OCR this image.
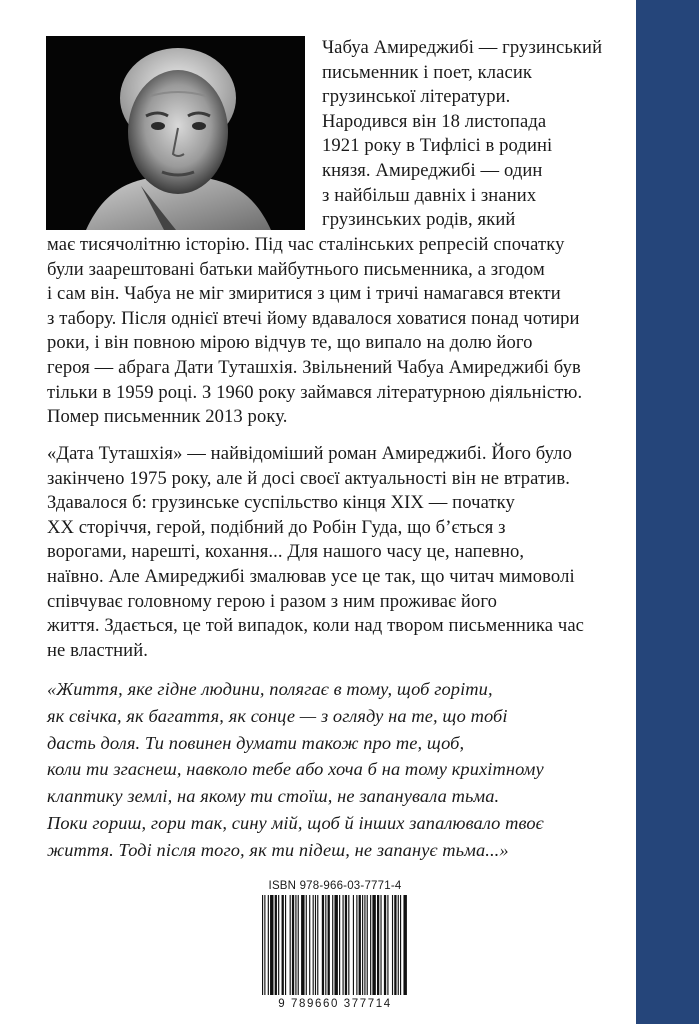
Чабуа Амиреджибі — грузинський
письменник і поет, класик
грузинської літератури.
Народився він 18 листопада
1921 року в Тифлісі в родині
князя. Амиреджибі — один
з найбільш давніх і знаних
грузинських родів, який
має тисячолітню історію. Під час сталінських репресій спочатку
були заарештовані батьки майбутнього письменника, а згодом
і сам він. Чабуа не міг змиритися з цим і тричі намагався втекти
з табору. Після однієї втечі йому вдавалося ховатися понад чотири
роки, і він повною мірою відчув те, що випало на долю його
героя — абрага Дати Туташхія. Звільнений Чабуа Амиреджибі був
тільки в 1959 році. З 1960 року займався літературною діяльністю.
Помер письменник 2013 року.
«Дата Туташхія» — найвідоміший роман Амиреджибі. Його було
закінчено 1975 року, але й досі своєї актуальності він не втратив.
Здавалося б: грузинське суспільство кінця XIX — початку
XX сторіччя, герой, подібний до Робін Гуда, що б’ється з
ворогами, нарешті, кохання... Для нашого часу це, напевно,
наївно. Але Амиреджибі змалював усе це так, що читач мимоволі
співчуває головному герою і разом з ним проживає його
життя. Здається, це той випадок, коли над твором письменника час
не властний.
«Життя, яке гідне людини, полягає в тому, щоб горіти,
як свічка, як багаття, як сонце — з огляду на те, що тобі
дасть доля. Ти повинен думати також про те, щоб,
коли ти згаснеш, навколо тебе або хоча б на тому крихітному
клаптику землі, на якому ти стоїш, не запанувала тьма.
Поки гориш, гори так, сину мій, щоб й інших запалювало твоє
життя. Тоді після того, як ти підеш, не запанує тьма...»
ISBN 978-966-03-7771-4
9 789660 377714
